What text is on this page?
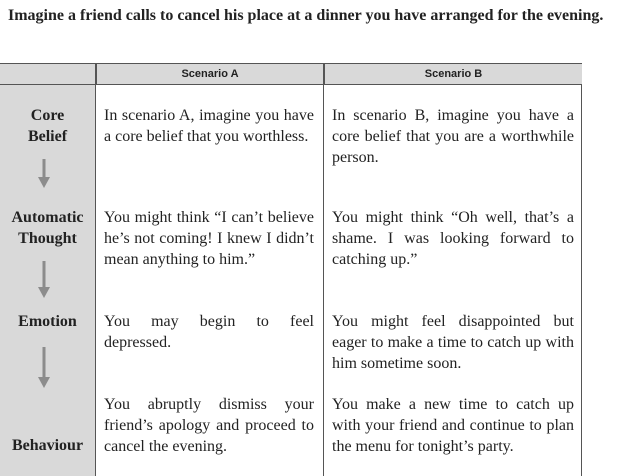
Imagine a friend calls to cancel his place at a dinner you have arranged for the evening.
Scenario A	Scenario B
Core Belief
Automatic Thought
Emotion
Behaviour
In scenario A, imagine you have a core belief that you worthless.
You might think “I can’t believe he’s not coming! I knew I didn’t mean anything to him.”
You may begin to feel depressed.
You abruptly dismiss your friend’s apology and proceed to cancel the evening.
In scenario B, imagine you have a core belief that you are a worthwhile person.
You might think “Oh well, that’s a shame. I was looking forward to catching up.”
You might feel disappointed but eager to make a time to catch up with him sometime soon.
You make a new time to catch up with your friend and continue to plan the menu for tonight’s party.
